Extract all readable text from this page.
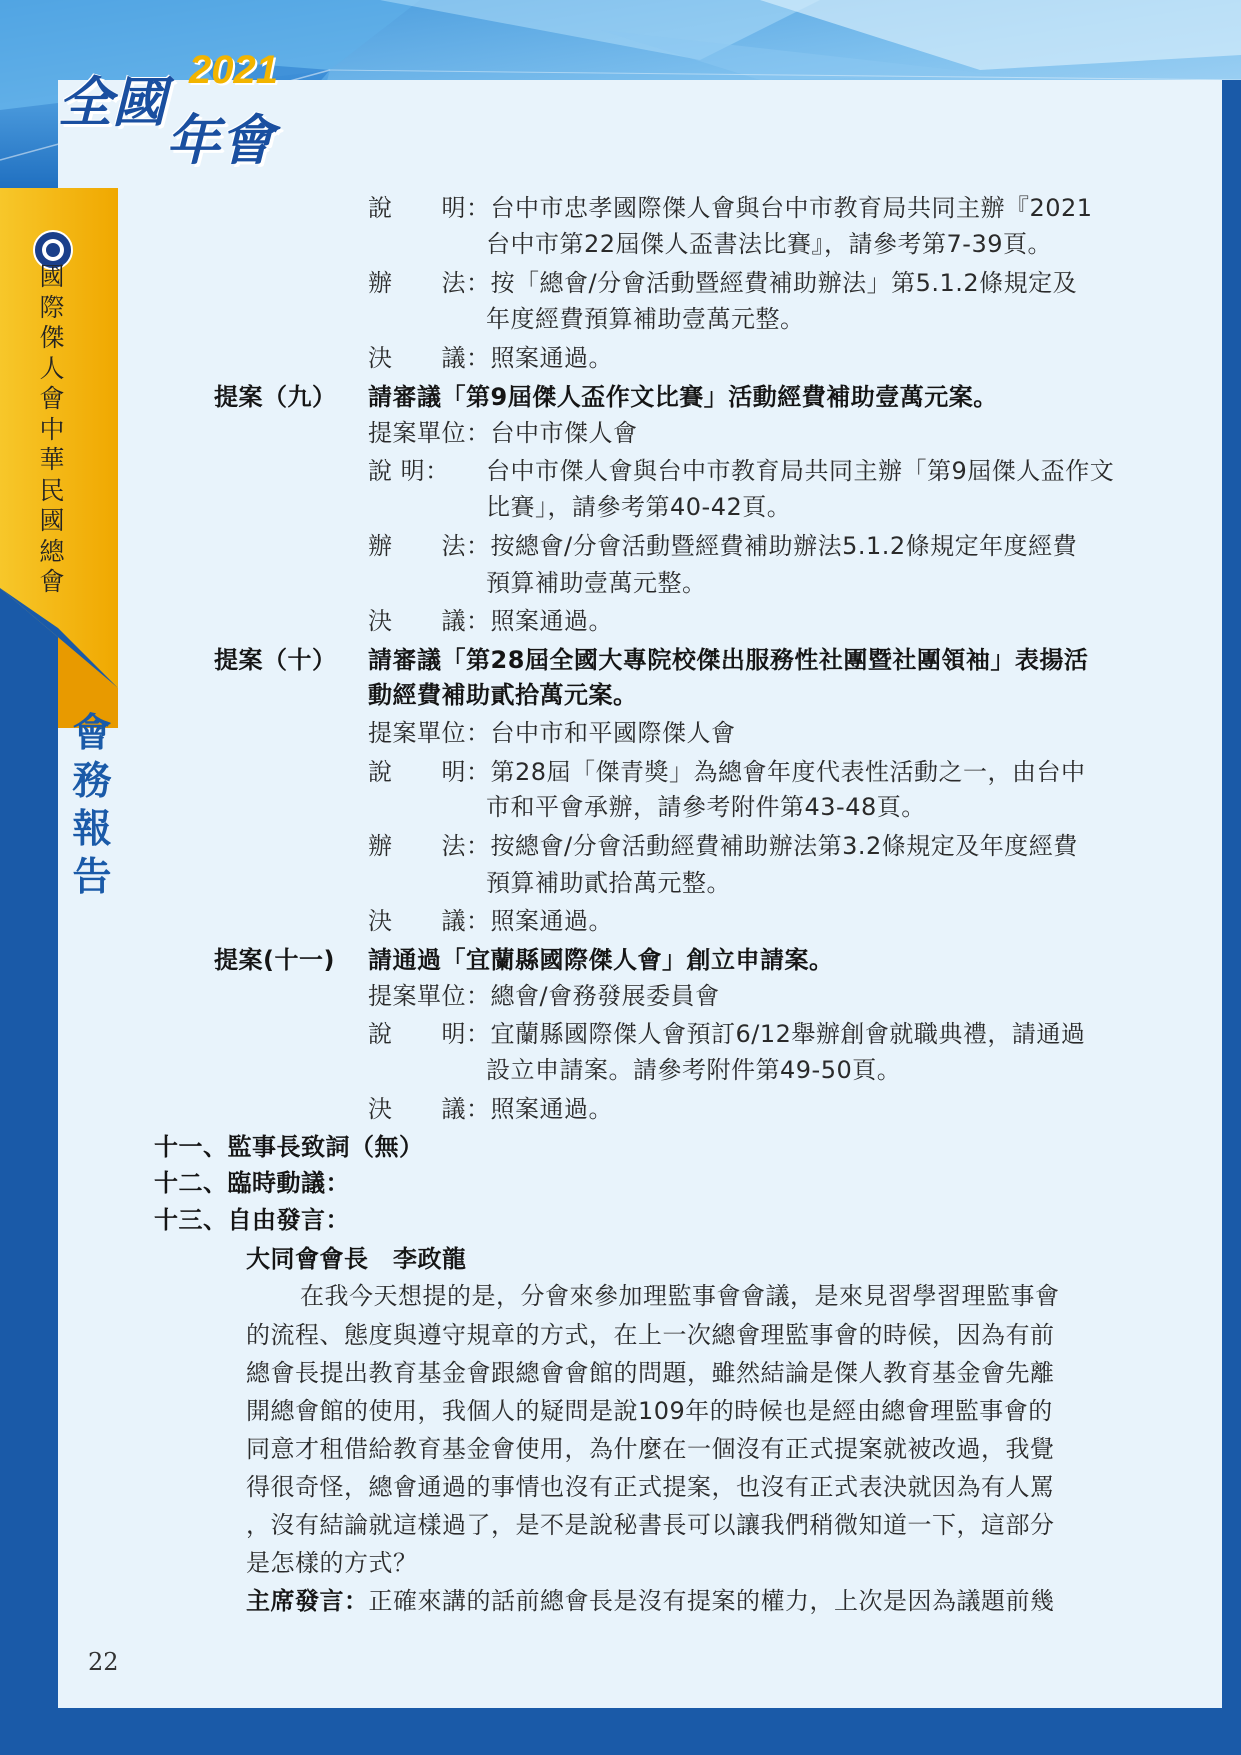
2021
全國
年會
國
際
傑
人
會
中
華
民
國
總
會
會
務
報
告
22
說　　明：台中市忠孝國際傑人會與台中市教育局共同主辦『2021
台中市第22屆傑人盃書法比賽』，請參考第7-39頁。
辦　　法：按「總會/分會活動暨經費補助辦法」第5.1.2條規定及
年度經費預算補助壹萬元整。
決　　議：照案通過。
提案（九） 請審議「第9屆傑人盃作文比賽」活動經費補助壹萬元案。
提案單位：台中市傑人會
說 明： 台中市傑人會與台中市教育局共同主辦「第9屆傑人盃作文
比賽」，請參考第40-42頁。
辦　　法：按總會/分會活動暨經費補助辦法5.1.2條規定年度經費
預算補助壹萬元整。
決　　議：照案通過。
提案（十） 請審議「第28屆全國大專院校傑出服務性社團暨社團領袖」表揚活
動經費補助貳拾萬元案。
提案單位：台中市和平國際傑人會
說　　明：第28屆「傑青獎」為總會年度代表性活動之一，由台中
市和平會承辦，請參考附件第43-48頁。
辦　　法：按總會/分會活動經費補助辦法第3.2條規定及年度經費
預算補助貳拾萬元整。
決　　議：照案通過。
提案(十一) 請通過「宜蘭縣國際傑人會」創立申請案。
提案單位：總會/會務發展委員會
說　　明：宜蘭縣國際傑人會預訂6/12舉辦創會就職典禮，請通過
設立申請案。請參考附件第49-50頁。
決　　議：照案通過。
十一、監事長致詞（無）
十二、臨時動議：
十三、自由發言：
大同會會長　李政龍
在我今天想提的是，分會來參加理監事會會議，是來見習學習理監事會
的流程、態度與遵守規章的方式，在上一次總會理監事會的時候，因為有前
總會長提出教育基金會跟總會會館的問題，雖然結論是傑人教育基金會先離
開總會館的使用，我個人的疑問是說109年的時候也是經由總會理監事會的
同意才租借給教育基金會使用，為什麼在一個沒有正式提案就被改過，我覺
得很奇怪，總會通過的事情也沒有正式提案，也沒有正式表決就因為有人罵
，沒有結論就這樣過了，是不是說秘書長可以讓我們稍微知道一下，這部分
是怎樣的方式？
主席發言：正確來講的話前總會長是沒有提案的權力，上次是因為議題前幾
